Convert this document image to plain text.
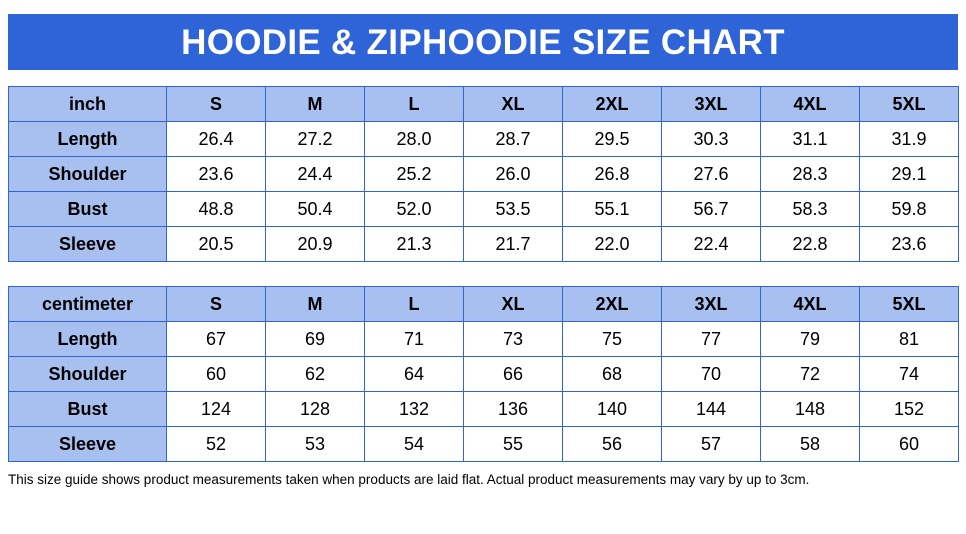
HOODIE & ZIPHOODIE SIZE CHART
inch	S	M	L	XL	2XL	3XL	4XL	5XL
Length	26.4	27.2	28.0	28.7	29.5	30.3	31.1	31.9
Shoulder	23.6	24.4	25.2	26.0	26.8	27.6	28.3	29.1
Bust	48.8	50.4	52.0	53.5	55.1	56.7	58.3	59.8
Sleeve	20.5	20.9	21.3	21.7	22.0	22.4	22.8	23.6
centimeter	S	M	L	XL	2XL	3XL	4XL	5XL
Length	67	69	71	73	75	77	79	81
Shoulder	60	62	64	66	68	70	72	74
Bust	124	128	132	136	140	144	148	152
Sleeve	52	53	54	55	56	57	58	60
This size guide shows product measurements taken when products are laid flat. Actual product measurements may vary by up to 3cm.
